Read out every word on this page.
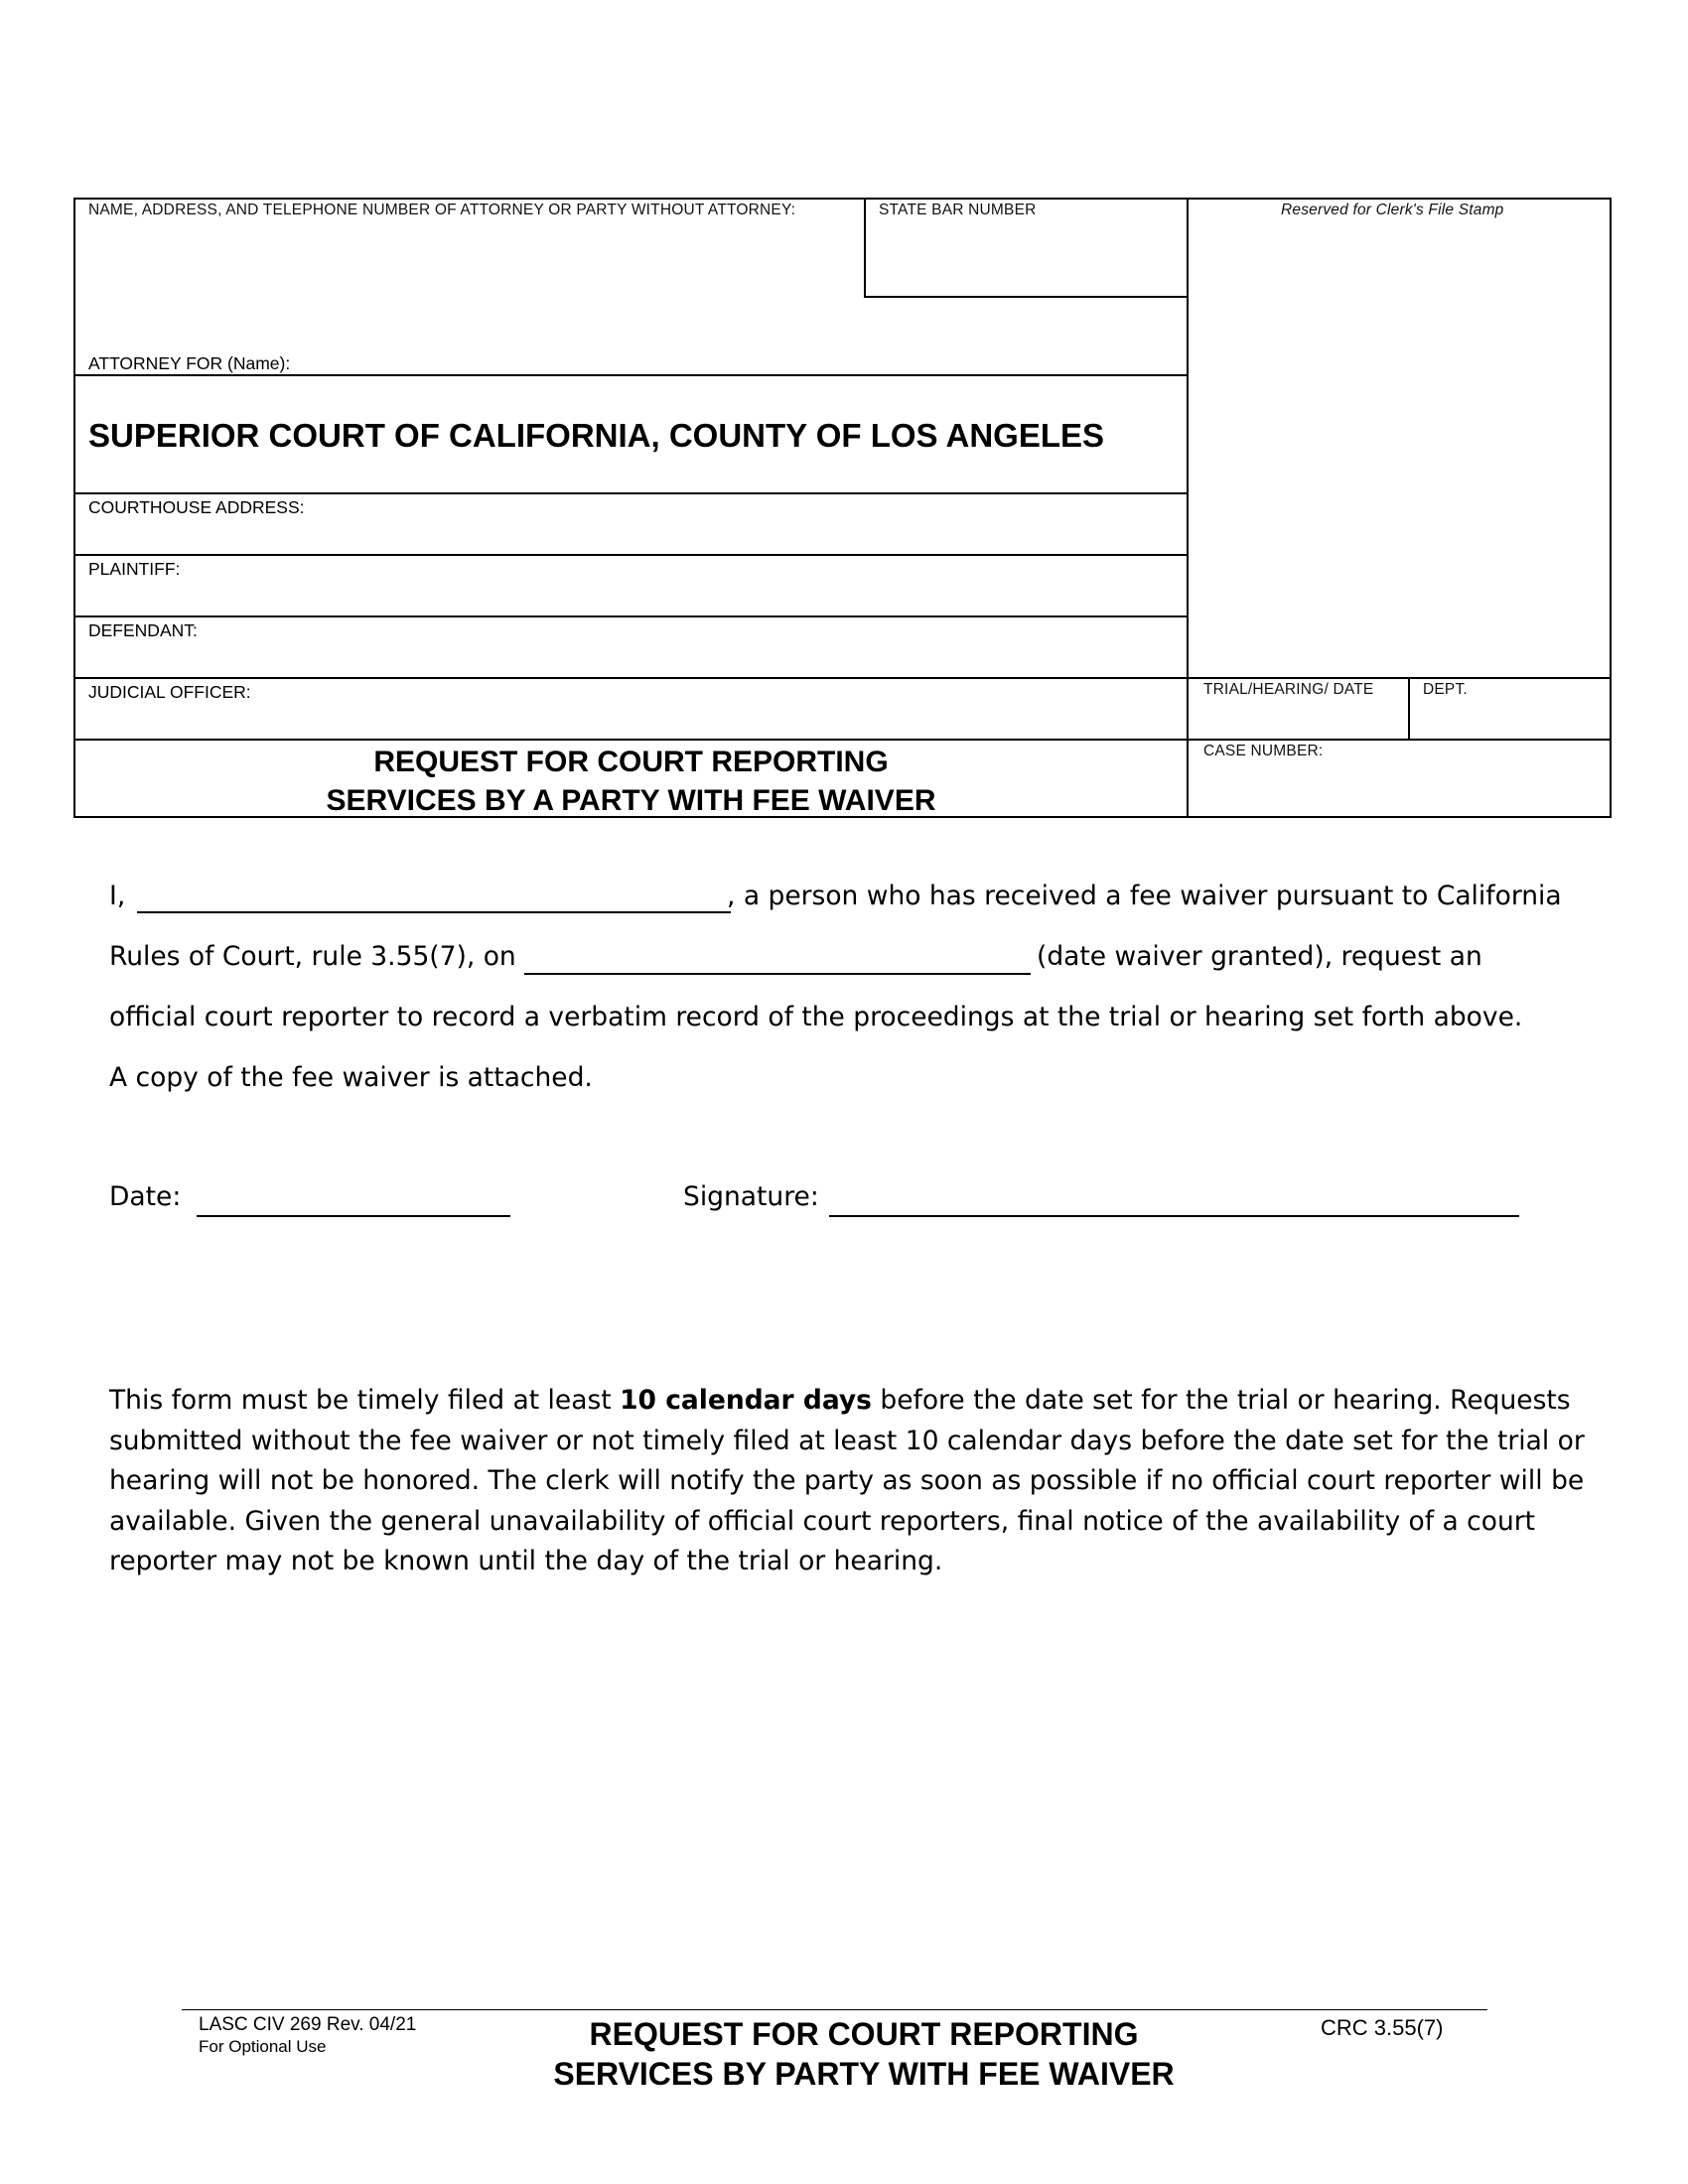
NAME, ADDRESS, AND TELEPHONE NUMBER OF ATTORNEY OR PARTY WITHOUT ATTORNEY:	STATE BAR NUMBER	Reserved for Clerk's File Stamp
ATTORNEY FOR (Name):
SUPERIOR COURT OF CALIFORNIA, COUNTY OF LOS ANGELES
COURTHOUSE ADDRESS:
PLAINTIFF:
DEFENDANT:
JUDICIAL OFFICER:	TRIAL/HEARING/ DATE	DEPT.
CASE NUMBER:
REQUEST FOR COURT REPORTING
SERVICES BY A PARTY WITH FEE WAIVER
I,	, a person who has received a fee waiver pursuant to California
Rules of Court, rule 3.55(7), on	(date waiver granted), request an
official court reporter to record a verbatim record of the proceedings at the trial or hearing set forth above.
A copy of the fee waiver is attached.
Date:	Signature:

This form must be timely filed at least 10 calendar days before the date set for the trial or hearing. Requests submitted without the fee waiver or not timely filed at least 10 calendar days before the date set for the trial or hearing will not be honored. The clerk will notify the party as soon as possible if no official court reporter will be available. Given the general unavailability of official court reporters, final notice of the availability of a court reporter may not be known until the day of the trial or hearing.

LASC CIV 269 Rev. 04/21
For Optional Use	REQUEST FOR COURT REPORTING
SERVICES BY PARTY WITH FEE WAIVER
CRC 3.55(7)
